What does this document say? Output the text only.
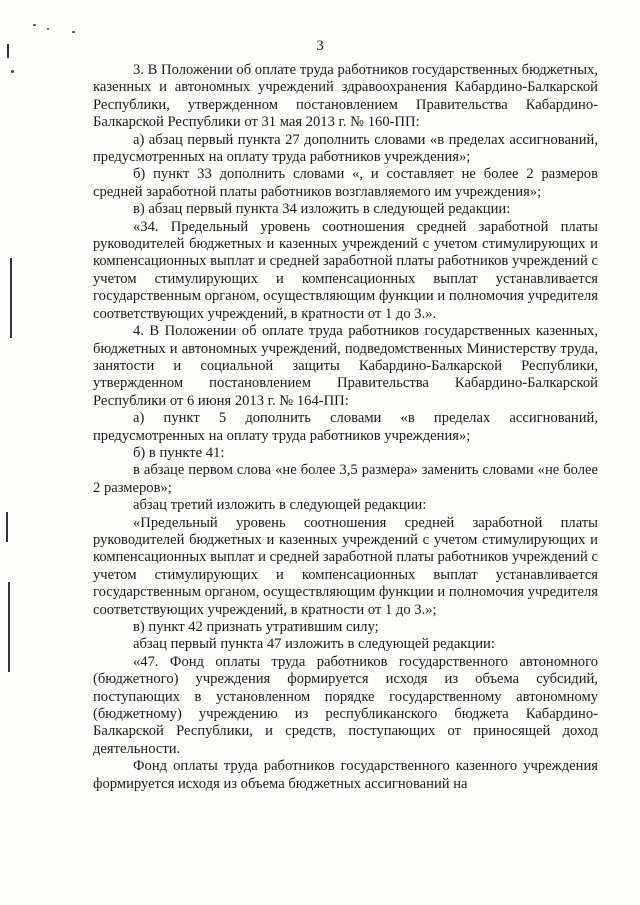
3

3. В Положении об оплате труда работников государственных бюджетных, казенных и автономных учреждений здравоохранения Кабардино-Балкарской Республики, утвержденном постановлением Правительства Кабардино-Балкарской Республики от 31 мая 2013 г. № 160-ПП:

а) абзац первый пункта 27 дополнить словами «в пределах ассигнований, предусмотренных на оплату труда работников учреждения»;

б) пункт 33 дополнить словами «, и составляет не более 2 размеров средней заработной платы работников возглавляемого им учреждения»;

в) абзац первый пункта 34 изложить в следующей редакции:

«34. Предельный уровень соотношения средней заработной платы руководителей бюджетных и казенных учреждений с учетом стимулирующих и компенсационных выплат и средней заработной платы работников учреждений с учетом стимулирующих и компенсационных выплат устанавливается государственным органом, осуществляющим функции и полномочия учредителя соответствующих учреждений, в кратности от 1 до 3.».

4. В Положении об оплате труда работников государственных казенных, бюджетных и автономных учреждений, подведомственных Министерству труда, занятости и социальной защиты Кабардино-Балкарской Республики, утвержденном постановлением Правительства Кабардино-Балкарской Республики от 6 июня 2013 г. № 164-ПП:

а) пункт 5 дополнить словами «в пределах ассигнований, предусмотренных на оплату труда работников учреждения»;

б) в пункте 41:

в абзаце первом слова «не более 3,5 размера» заменить словами «не более 2 размеров»;

абзац третий изложить в следующей редакции:

«Предельный уровень соотношения средней заработной платы руководителей бюджетных и казенных учреждений с учетом стимулирующих и компенсационных выплат и средней заработной платы работников учреждений с учетом стимулирующих и компенсационных выплат устанавливается государственным органом, осуществляющим функции и полномочия учредителя соответствующих учреждений, в кратности от 1 до 3.»;

в) пункт 42 признать утратившим силу;

абзац первый пункта 47 изложить в следующей редакции:

«47. Фонд оплаты труда работников государственного автономного (бюджетного) учреждения формируется исходя из объема субсидий, поступающих в установленном порядке государственному автономному (бюджетному) учреждению из республиканского бюджета Кабардино-Балкарской Республики, и средств, поступающих от приносящей доход деятельности.

Фонд оплаты труда работников государственного казенного учреждения формируется исходя из объема бюджетных ассигнований на
